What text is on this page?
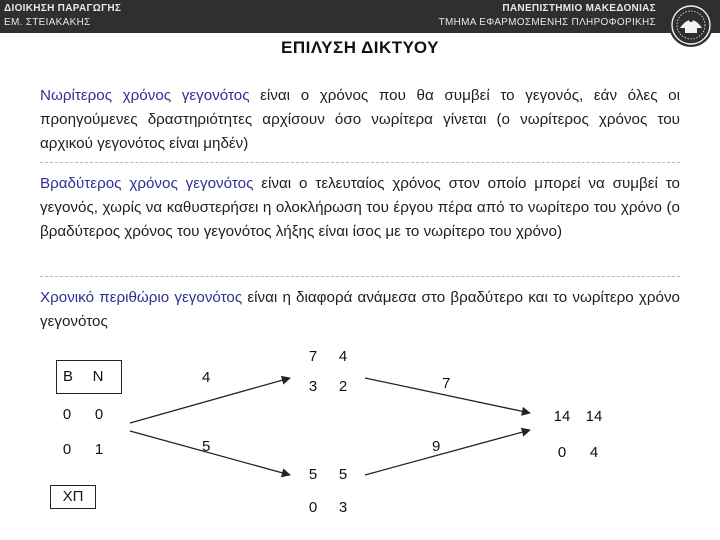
ΔΙΟΙΚΗΣΗ ΠΑΡΑΓΩΓΗΣ
ΕΜ. ΣΤΕΙΑΚΑΚΗΣ
ΠΑΝΕΠΙΣΤΗΜΙΟ ΜΑΚΕΔΟΝΙΑΣ
ΤΜΗΜΑ ΕΦΑΡΜΟΣΜΕΝΗΣ ΠΛΗΡΟΦΟΡΙΚΗΣ
ΕΠΙΛΥΣΗ ΔΙΚΤΥΟΥ
Νωρίτερος χρόνος γεγονότος είναι ο χρόνος που θα συμβεί το γεγονός, εάν όλες οι προηγούμενες δραστηριότητες αρχίσουν όσο νωρίτερα γίνεται (ο νωρίτερος χρόνος του αρχικού γεγονότος είναι μηδέν)
Βραδύτερος χρόνος γεγονότος είναι ο τελευταίος χρόνος στον οποίο μπορεί να συμβεί το γεγονός, χωρίς να καθυστερήσει η ολοκλήρωση του έργου πέρα από το νωρίτερο του χρόνο (ο βραδύτερος χρόνος του γεγονότος λήξης είναι ίσος με το νωρίτερο του χρόνο)
Χρονικό περιθώριο γεγονότος είναι η διαφορά ανάμεσα στο βραδύτερο και το νωρίτερο χρόνο γεγονότος
Β	Ν
0	0
0	1
ΧΠ
7	4
3	2
5	5
0	3
14	14
0	4
4
5
7
9
